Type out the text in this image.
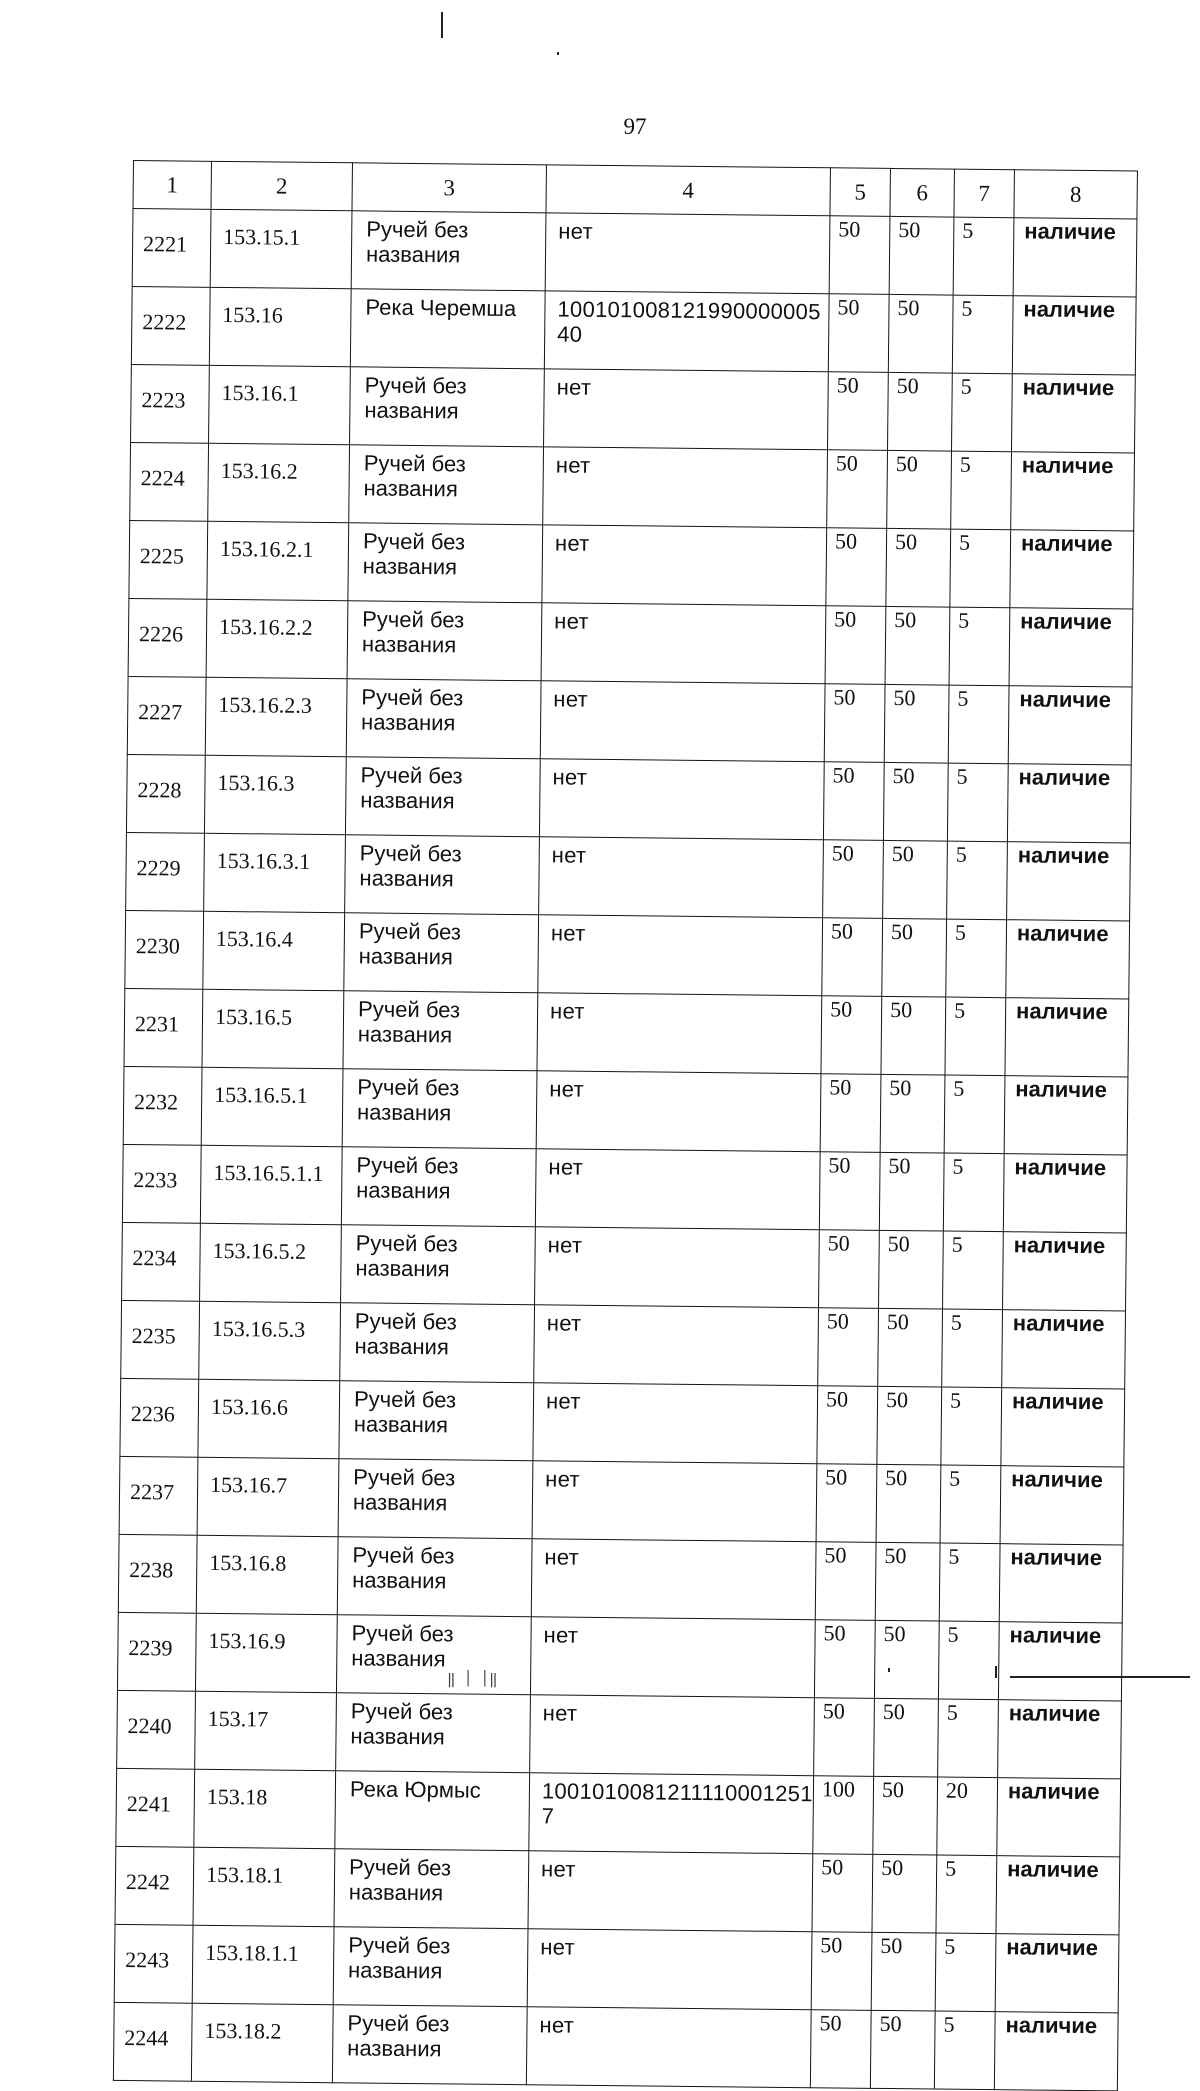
97
1	2	3	4	5	6	7	8
2221	153.15.1	Ручей без названия	нет	50	50	5	наличие
2222	153.16	Река Черемша	10010100812199000000540	50	50	5	наличие
2223	153.16.1	Ручей без названия	нет	50	50	5	наличие
2224	153.16.2	Ручей без названия	нет	50	50	5	наличие
2225	153.16.2.1	Ручей без названия	нет	50	50	5	наличие
2226	153.16.2.2	Ручей без названия	нет	50	50	5	наличие
2227	153.16.2.3	Ручей без названия	нет	50	50	5	наличие
2228	153.16.3	Ручей без названия	нет	50	50	5	наличие
2229	153.16.3.1	Ручей без названия	нет	50	50	5	наличие
2230	153.16.4	Ручей без названия	нет	50	50	5	наличие
2231	153.16.5	Ручей без названия	нет	50	50	5	наличие
2232	153.16.5.1	Ручей без названия	нет	50	50	5	наличие
2233	153.16.5.1.1	Ручей без названия	нет	50	50	5	наличие
2234	153.16.5.2	Ручей без названия	нет	50	50	5	наличие
2235	153.16.5.3	Ручей без названия	нет	50	50	5	наличие
2236	153.16.6	Ручей без названия	нет	50	50	5	наличие
2237	153.16.7	Ручей без названия	нет	50	50	5	наличие
2238	153.16.8	Ручей без названия	нет	50	50	5	наличие
2239	153.16.9	Ручей без названия	нет	50	50	5	наличие
2240	153.17	Ручей без названия	нет	50	50	5	наличие
2241	153.18	Река Юрмыс	10010100812111100012517	100	50	20	наличие
2242	153.18.1	Ручей без названия	нет	50	50	5	наличие
2243	153.18.1.1	Ручей без названия	нет	50	50	5	наличие
2244	153.18.2	Ручей без названия	нет	50	50	5	наличие
‖ ׀ ׀‖
